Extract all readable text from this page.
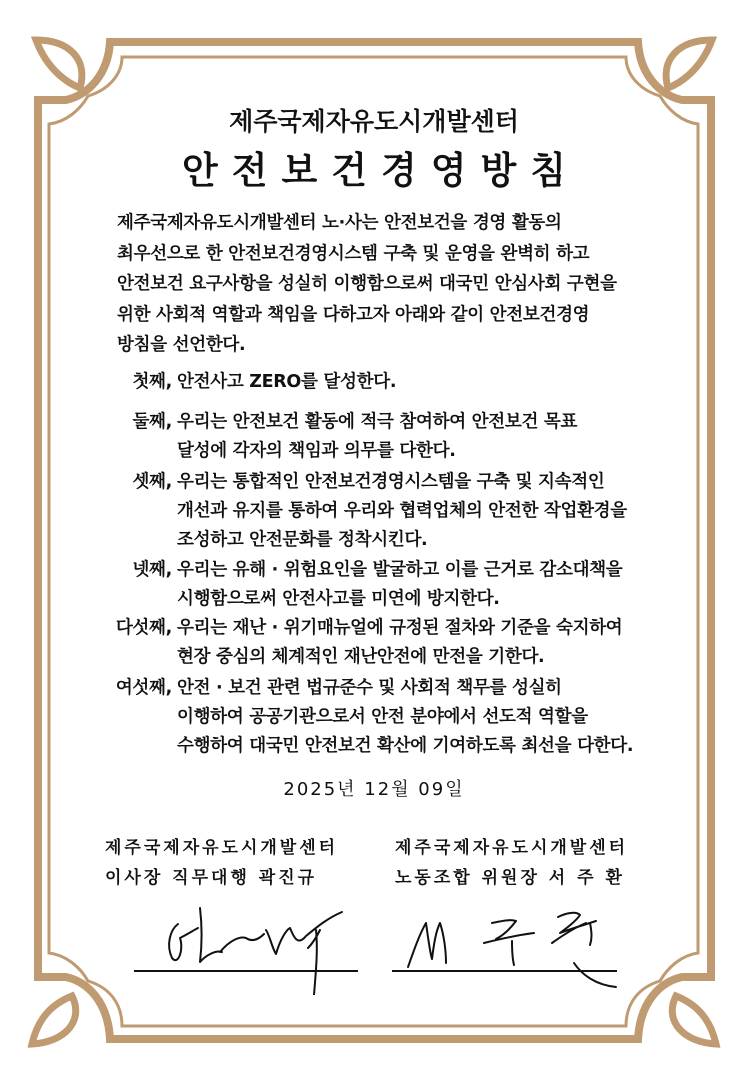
제주국제자유도시개발센터
안전보건경영방침
제주국제자유도시개발센터 노·사는 안전보건을 경영 활동의
최우선으로 한 안전보건경영시스템 구축 및 운영을 완벽히 하고
안전보건 요구사항을 성실히 이행함으로써 대국민 안심사회 구현을
위한 사회적 역할과 책임을 다하고자 아래와 같이 안전보건경영
방침을 선언한다.
첫째, 안전사고 ZERO를 달성한다.
둘째, 우리는 안전보건 활동에 적극 참여하여 안전보건 목표
달성에 각자의 책임과 의무를 다한다.
셋째, 우리는 통합적인 안전보건경영시스템을 구축 및 지속적인
개선과 유지를 통하여 우리와 협력업체의 안전한 작업환경을
조성하고 안전문화를 정착시킨다.
넷째, 우리는 유해 · 위험요인을 발굴하고 이를 근거로 감소대책을
시행함으로써 안전사고를 미연에 방지한다.
다섯째, 우리는 재난 · 위기매뉴얼에 규정된 절차와 기준을 숙지하여
현장 중심의 체계적인 재난안전에 만전을 기한다.
여섯째, 안전 · 보건 관련 법규준수 및 사회적 책무를 성실히
이행하여 공공기관으로서 안전 분야에서 선도적 역할을
수행하여 대국민 안전보건 확산에 기여하도록 최선을 다한다.
2025년 12월 09일
제주국제자유도시개발센터
이사장 직무대행 곽진규
제주국제자유도시개발센터
노동조합 위원장 서 주 환
